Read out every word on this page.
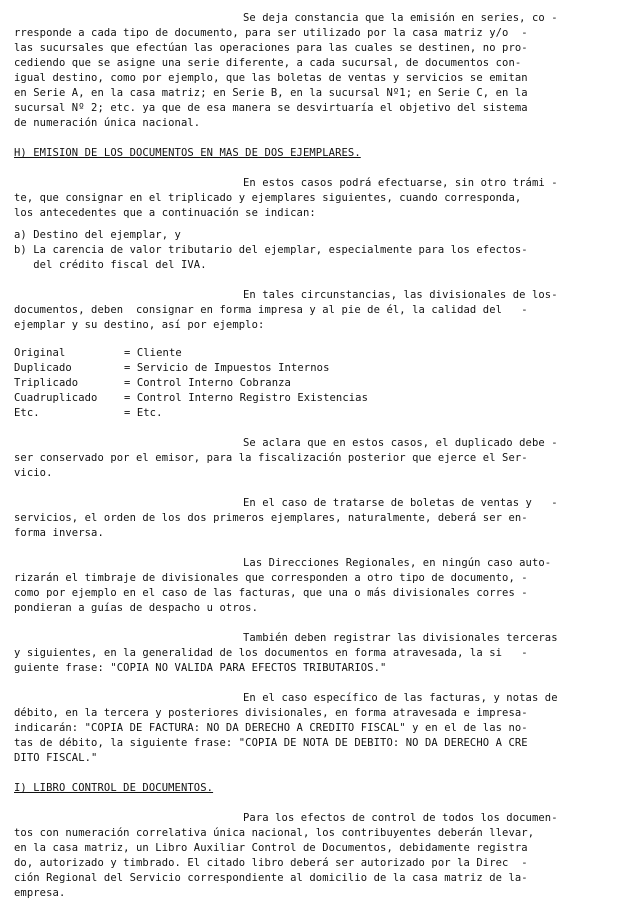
Se deja constancia que la emisión en series, co -
rresponde a cada tipo de documento, para ser utilizado por la casa matriz y/o  -
las sucursales que efectúan las operaciones para las cuales se destinen, no pro-
cediendo que se asigne una serie diferente, a cada sucursal, de documentos con-
igual destino, como por ejemplo, que las boletas de ventas y servicios se emitan
en Serie A, en la casa matriz; en Serie B, en la sucursal Nº1; en Serie C, en la
sucursal Nº 2; etc. ya que de esa manera se desvirtuaría el objetivo del sistema
de numeración única nacional.
H) EMISION DE LOS DOCUMENTOS EN MAS DE DOS EJEMPLARES.
En estos casos podrá efectuarse, sin otro trámi -
te, que consignar en el triplicado y ejemplares siguientes, cuando corresponda,
los antecedentes que a continuación se indican:
a) Destino del ejemplar, y
b) La carencia de valor tributario del ejemplar, especialmente para los efectos-
del crédito fiscal del IVA.
En tales circunstancias, las divisionales de los-
documentos, deben  consignar en forma impresa y al pie de él, la calidad del   -
ejemplar y su destino, así por ejemplo:
Original	= Cliente
Duplicado	= Servicio de Impuestos Internos
Triplicado	= Control Interno Cobranza
Cuadruplicado	= Control Interno Registro Existencias
Etc.	= Etc.
Se aclara que en estos casos, el duplicado debe -
ser conservado por el emisor, para la fiscalización posterior que ejerce el Ser-
vicio.
En el caso de tratarse de boletas de ventas y   -
servicios, el orden de los dos primeros ejemplares, naturalmente, deberá ser en-
forma inversa.
Las Direcciones Regionales, en ningún caso auto-
rizarán el timbraje de divisionales que corresponden a otro tipo de documento, -
como por ejemplo en el caso de las facturas, que una o más divisionales corres -
pondieran a guías de despacho u otros.
También deben registrar las divisionales terceras
y siguientes, en la generalidad de los documentos en forma atravesada, la si   -
guiente frase: "COPIA NO VALIDA PARA EFECTOS TRIBUTARIOS."
En el caso específico de las facturas, y notas de
débito, en la tercera y posteriores divisionales, en forma atravesada e impresa-
indicarán: "COPIA DE FACTURA: NO DA DERECHO A CREDITO FISCAL" y en el de las no-
tas de débito, la siguiente frase: "COPIA DE NOTA DE DEBITO: NO DA DERECHO A CRE
DITO FISCAL."
I) LIBRO CONTROL DE DOCUMENTOS.
Para los efectos de control de todos los documen-
tos con numeración correlativa única nacional, los contribuyentes deberán llevar,
en la casa matriz, un Libro Auxiliar Control de Documentos, debidamente registra
do, autorizado y timbrado. El citado libro deberá ser autorizado por la Direc  -
ción Regional del Servicio correspondiente al domicilio de la casa matriz de la-
empresa.
